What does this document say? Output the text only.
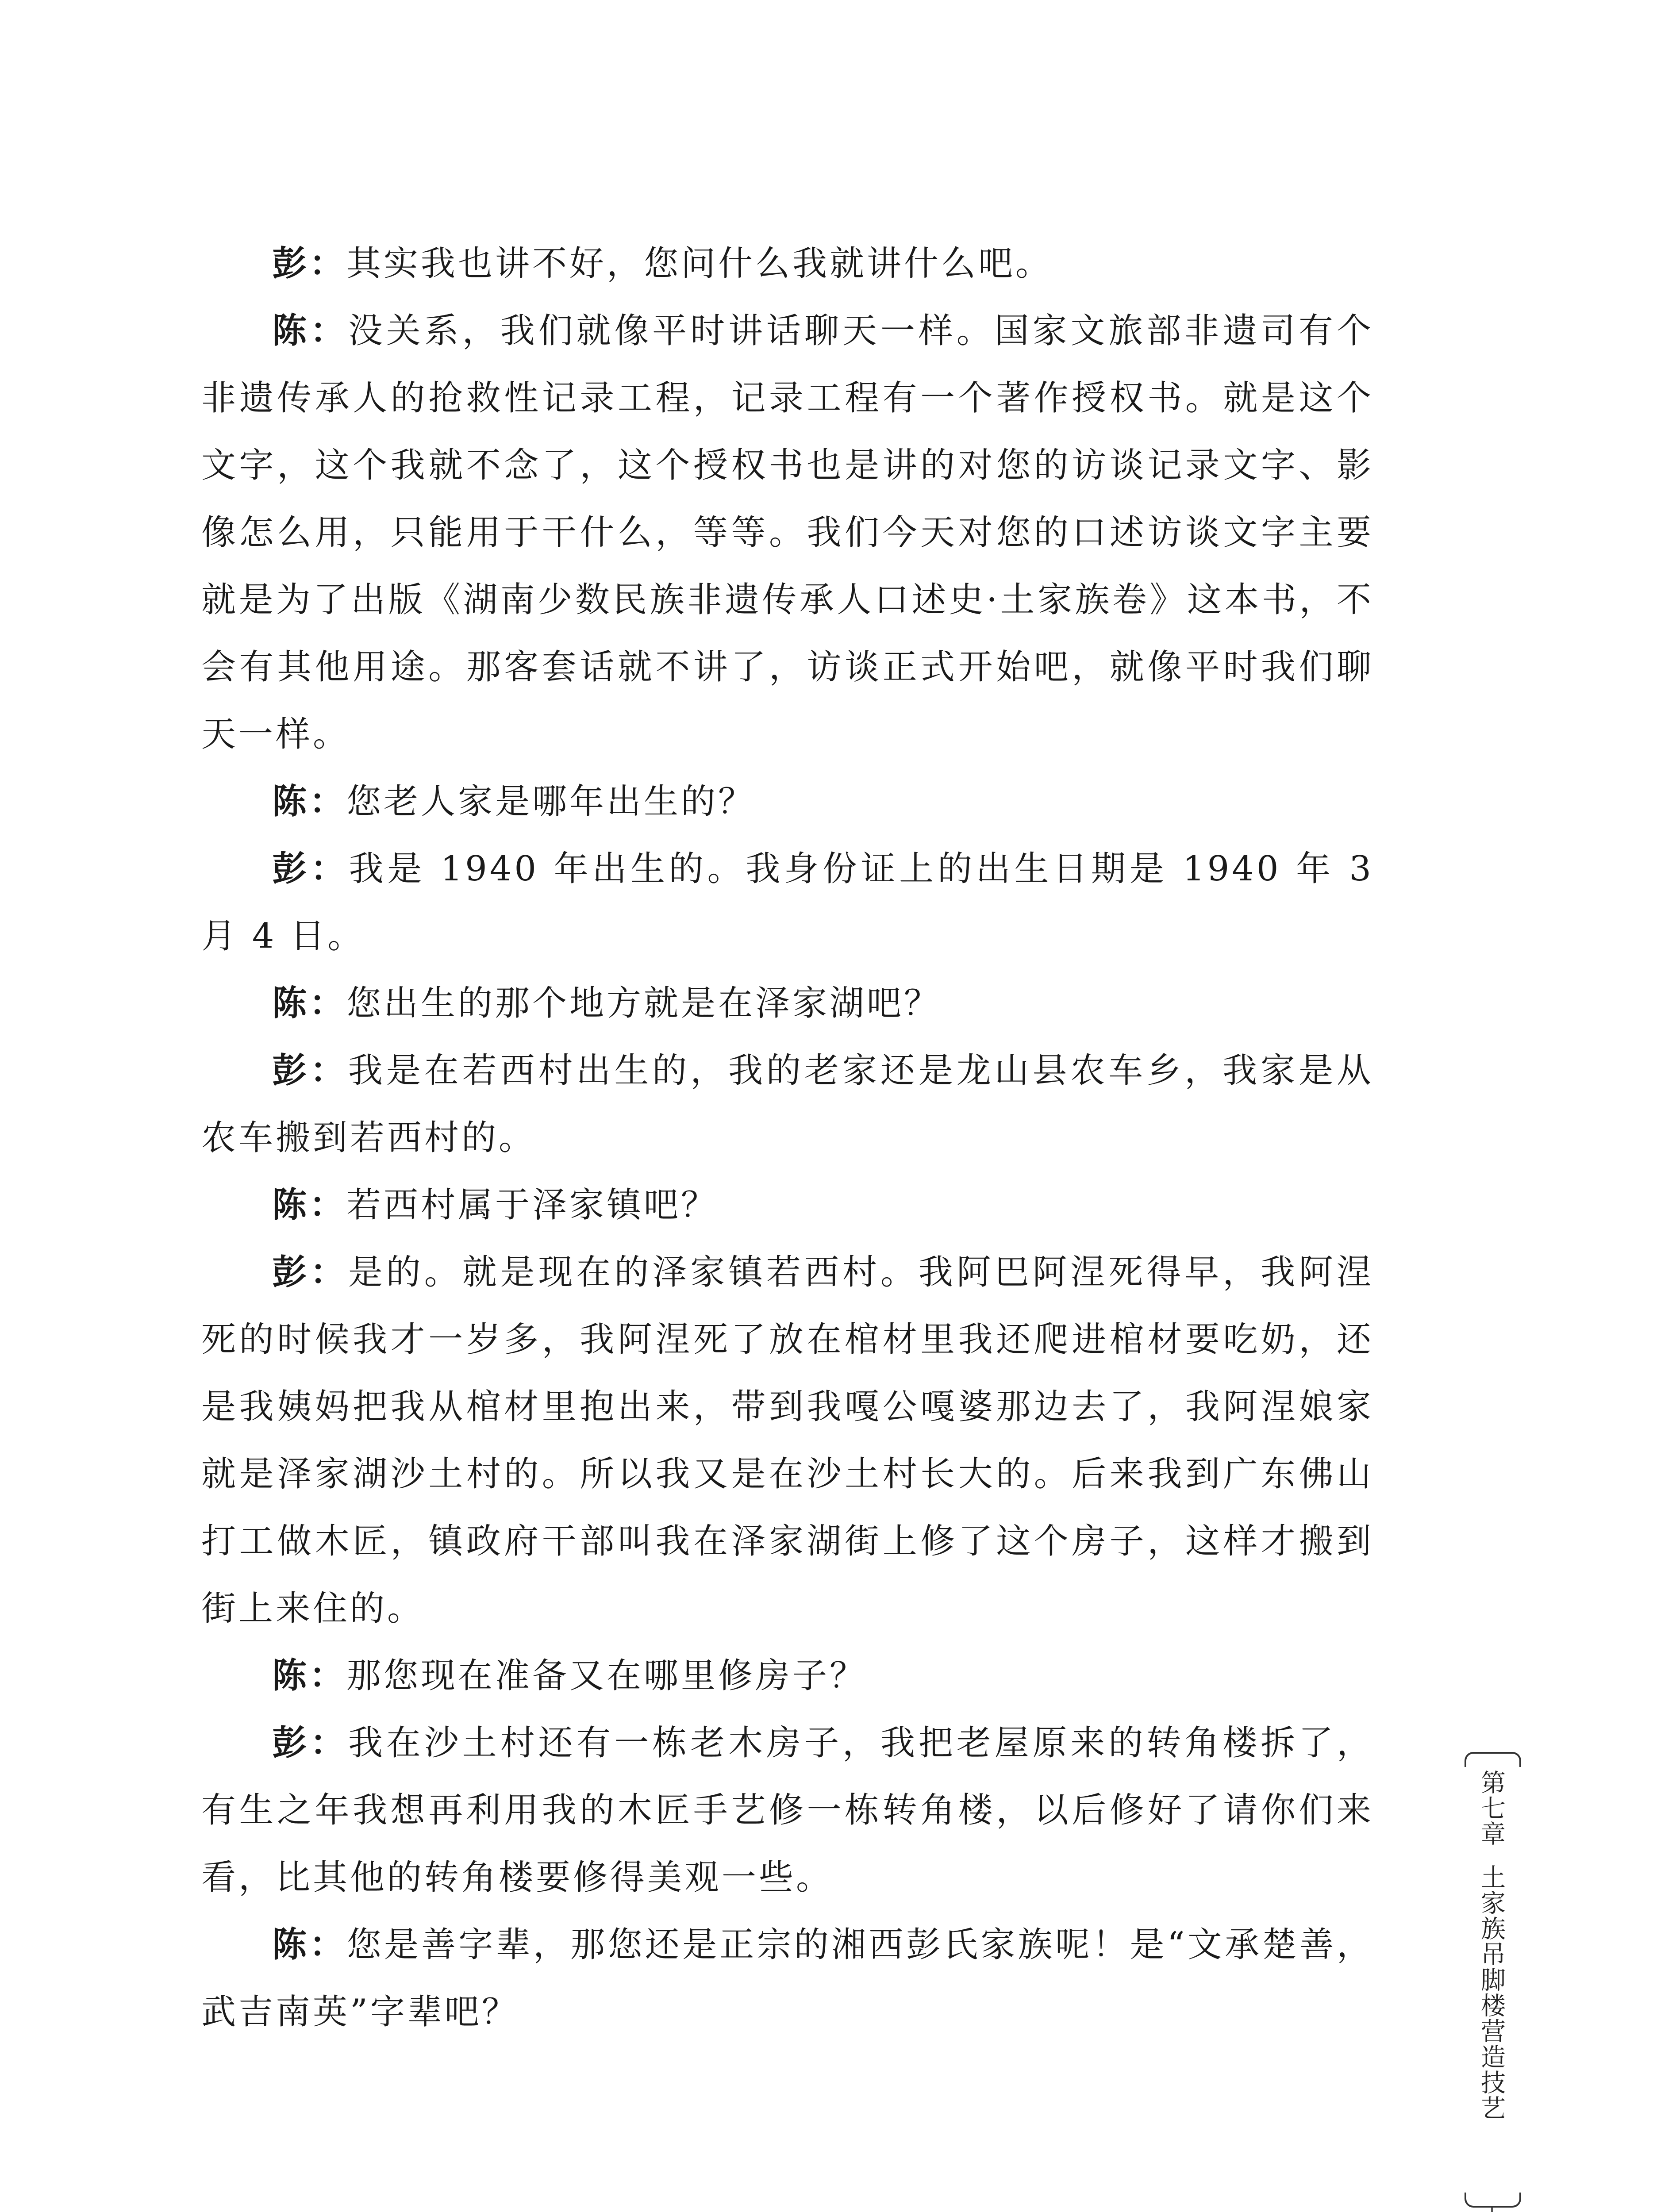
彭：其实我也讲不好，您问什么我就讲什么吧。

陈：没关系，我们就像平时讲话聊天一样。国家文旅部非遗司有个非遗传承人的抢救性记录工程，记录工程有一个著作授权书。就是这个文字，这个我就不念了，这个授权书也是讲的对您的访谈记录文字、影像怎么用，只能用于干什么，等等。我们今天对您的口述访谈文字主要就是为了出版《湖南少数民族非遗传承人口述史·土家族卷》这本书，不会有其他用途。那客套话就不讲了，访谈正式开始吧，就像平时我们聊天一样。

陈：您老人家是哪年出生的？

彭：我是 1940 年出生的。我身份证上的出生日期是 1940 年 3 月 4 日。

陈：您出生的那个地方就是在泽家湖吧？

彭：我是在若西村出生的，我的老家还是龙山县农车乡，我家是从农车搬到若西村的。

陈：若西村属于泽家镇吧？

彭：是的。就是现在的泽家镇若西村。我阿巴阿涅死得早，我阿涅死的时候我才一岁多，我阿涅死了放在棺材里我还爬进棺材要吃奶，还是我姨妈把我从棺材里抱出来，带到我嘎公嘎婆那边去了，我阿涅娘家就是泽家湖沙土村的。所以我又是在沙土村长大的。后来我到广东佛山打工做木匠，镇政府干部叫我在泽家湖街上修了这个房子，这样才搬到街上来住的。

陈：那您现在准备又在哪里修房子？

彭：我在沙土村还有一栋老木房子，我把老屋原来的转角楼拆了，有生之年我想再利用我的木匠手艺修一栋转角楼，以后修好了请你们来看，比其他的转角楼要修得美观一些。

陈：您是善字辈，那您还是正宗的湘西彭氏家族呢！是“文承楚善，武吉南英”字辈吧？

第七章
土家族吊脚楼营造技艺
